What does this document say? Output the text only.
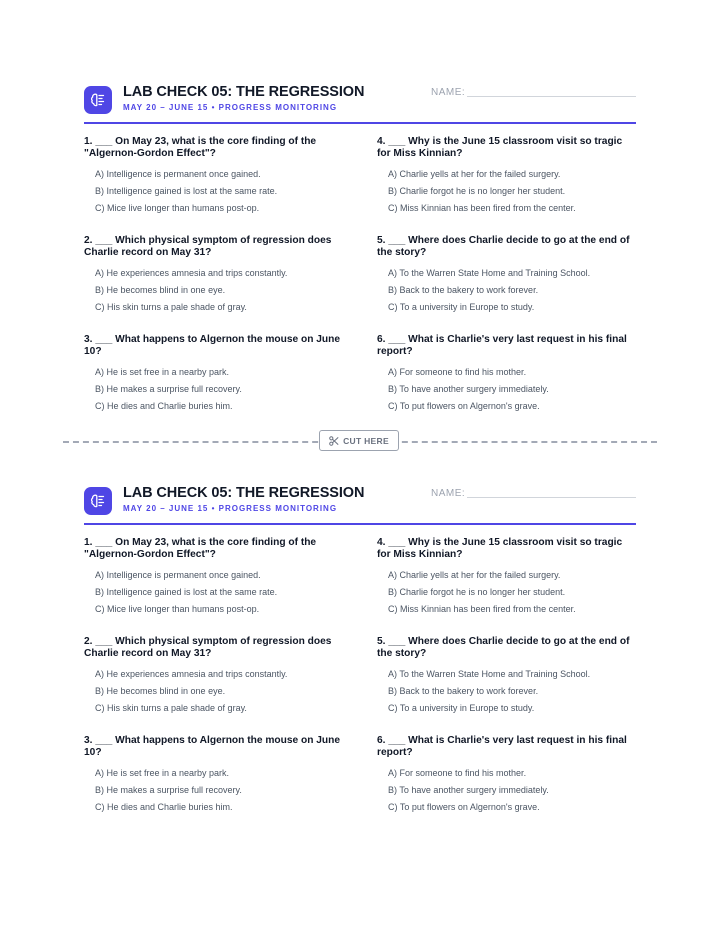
CUT HERE
LAB CHECK 05: THE REGRESSION
MAY 20 – JUNE 15 • PROGRESS MONITORING
NAME:

1. ___ On May 23, what is the core finding of the "Algernon-Gordon Effect"?

A) Intelligence is permanent once gained.
B) Intelligence gained is lost at the same rate.
C) Mice live longer than humans post-op.

2. ___ Which physical symptom of regression does Charlie record on May 31?

A) He experiences amnesia and trips constantly.
B) He becomes blind in one eye.
C) His skin turns a pale shade of gray.

3. ___ What happens to Algernon the mouse on June 10?

A) He is set free in a nearby park.
B) He makes a surprise full recovery.
C) He dies and Charlie buries him.

4. ___ Why is the June 15 classroom visit so tragic for Miss Kinnian?

A) Charlie yells at her for the failed surgery.
B) Charlie forgot he is no longer her student.
C) Miss Kinnian has been fired from the center.

5. ___ Where does Charlie decide to go at the end of the story?

A) To the Warren State Home and Training School.
B) Back to the bakery to work forever.
C) To a university in Europe to study.

6. ___ What is Charlie's very last request in his final report?

A) For someone to find his mother.
B) To have another surgery immediately.
C) To put flowers on Algernon's grave.
LAB CHECK 05: THE REGRESSION
MAY 20 – JUNE 15 • PROGRESS MONITORING
NAME:

1. ___ On May 23, what is the core finding of the "Algernon-Gordon Effect"?

A) Intelligence is permanent once gained.
B) Intelligence gained is lost at the same rate.
C) Mice live longer than humans post-op.

2. ___ Which physical symptom of regression does Charlie record on May 31?

A) He experiences amnesia and trips constantly.
B) He becomes blind in one eye.
C) His skin turns a pale shade of gray.

3. ___ What happens to Algernon the mouse on June 10?

A) He is set free in a nearby park.
B) He makes a surprise full recovery.
C) He dies and Charlie buries him.

4. ___ Why is the June 15 classroom visit so tragic for Miss Kinnian?

A) Charlie yells at her for the failed surgery.
B) Charlie forgot he is no longer her student.
C) Miss Kinnian has been fired from the center.

5. ___ Where does Charlie decide to go at the end of the story?

A) To the Warren State Home and Training School.
B) Back to the bakery to work forever.
C) To a university in Europe to study.

6. ___ What is Charlie's very last request in his final report?

A) For someone to find his mother.
B) To have another surgery immediately.
C) To put flowers on Algernon's grave.
